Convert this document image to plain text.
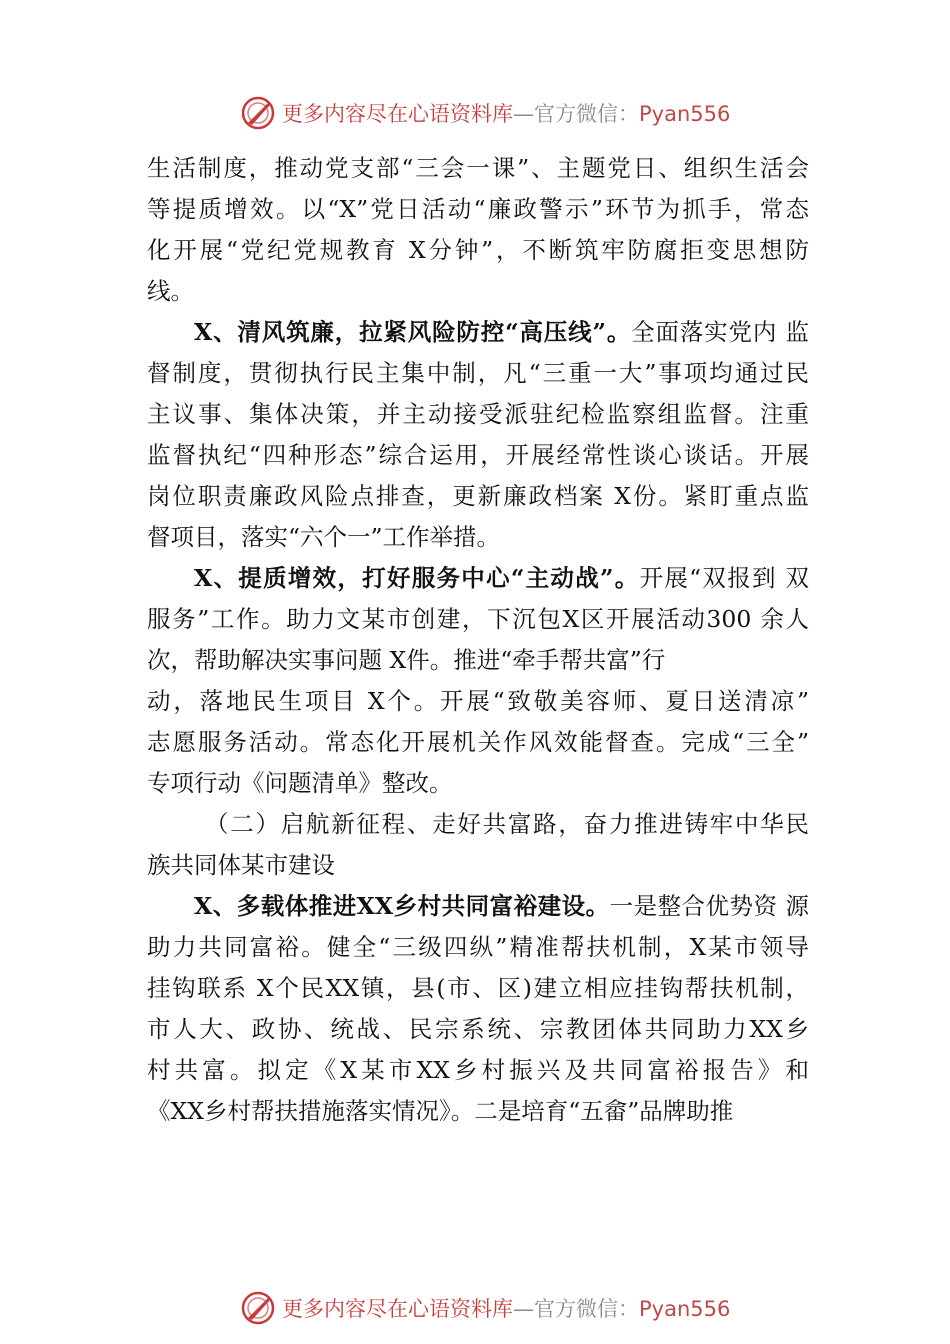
更多内容尽在心语资料库—官方微信：Pyan556
生活制度，推动党支部“三会一课”、主题党日、组织生活会
等提质增效。以“X”党日活动“廉政警示”环节为抓手，常态
化开展“党纪党规教育 X分钟”，不断筑牢防腐拒变思想防
线。
X、清风筑廉，拉紧风险防控“高压线”。全面落实党内 监
督制度，贯彻执行民主集中制，凡“三重一大”事项均通过民
主议事、集体决策，并主动接受派驻纪检监察组监督。注重
监督执纪“四种形态”综合运用，开展经常性谈心谈话。开展
岗位职责廉政风险点排查，更新廉政档案 X份。紧盯重点监
督项目，落实“六个一”工作举措。
X、提质增效，打好服务中心“主动战”。开展“双报到 双
服务”工作。助力文某市创建，下沉包X区开展活动300 余人
次，帮助解决实事问题 X件。推进“牵手帮共富”行
动，落地民生项目 X个。开展“致敬美容师、夏日送清凉”
志愿服务活动。常态化开展机关作风效能督查。完成“三全”
专项行动《问题清单》整改。
（二）启航新征程、走好共富路，奋力推进铸牢中华民
族共同体某市建设
X、多载体推进XX乡村共同富裕建设。一是整合优势资 源
助力共同富裕。健全“三级四纵”精准帮扶机制，X某市领导
挂钩联系 X个民XX镇，县(市、区)建立相应挂钩帮扶机制，
市人大、政协、统战、民宗系统、宗教团体共同助力XX乡
村共富。拟定《X某市XX乡村振兴及共同富裕报告》和
《XX乡村帮扶措施落实情况》。二是培育“五畲”品牌助推
更多内容尽在心语资料库—官方微信：Pyan556
